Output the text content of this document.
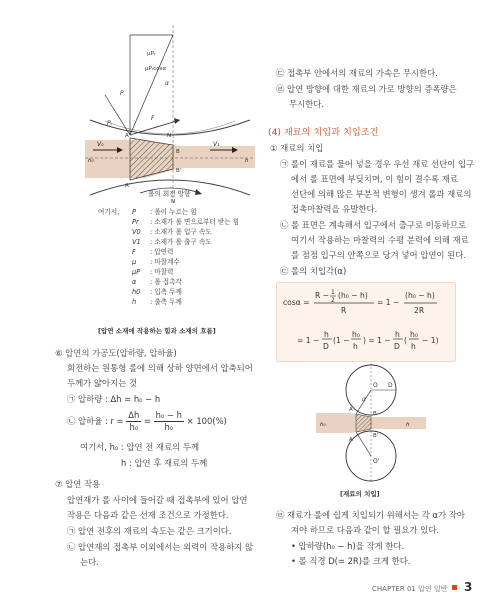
P
Pᵣ
F
α
μPᵣ
μPᵣcosα
N
A
B
A'
B'
N
V₀	V₁
h₀	h
롤의 회전 방향
여기서, P : 롤이 누르는 힘
Pr : 소재가 롤 면으로부터 받는 힘
V0 : 소재가 롤 입구 속도
V1 : 소재가 롤 출구 속도
F : 압연력
μ : 마찰계수
μP : 마찰력
α : 롤 접촉각
h0 : 입측 두께
h : 출측 두께
[압연 소재에 작용하는 힘과 소재의 흐름]
⑥ 압연의 가공도(압하량, 압하율)
회전하는 원통형 롤에 의해 상하 양면에서 압축되어
두께가 얇아지는 것
㉠ 압하량 : Δh = h₀ − h
㉡ 압하율 : $r = \frac{\Delta h}{\text{h₀}} = \frac{\text{h₀ − h}}{\text{h₀}} \times 100(\%)$
여기서, h₀ : 압연 전 재료의 두께
h : 압연 후 재료의 두께
⑦ 압연 작용
압연재가 롤 사이에 들어갈 때 접촉부에 있어 압연
작용은 다음과 같은 선재 조건으로 가정한다.
㉠ 압연 전후의 재료의 속도는 같은 크기이다.
㉡ 압연재의 접촉부 이외에서는 외력이 작용하지 않
는다.
㉢ 접촉부 안에서의 재료의 가속은 무시한다.
㉣ 압연 방향에 대한 재료의 가로 방향의 증폭량은
무시한다.
(4) 재료의 치입과 치입조건
① 재료의 치입
㉠ 롤이 재료를 물어 넣을 경우 우선 재료 선단이 입구
에서 롤 표면에 부딪치며, 이 힘이 결수록 재료
선단에 의해 많은 부분적 변형이 생겨 롤과 재료의
접촉마찰력을 유발한다.
㉡ 롤 표면은 계속해서 입구에서 출구로 이동하므로
여기서 작용하는 마찰력의 수평 분력에 의해 재료
를 점점 입구의 안쪽으로 당겨 넣어 압연이 된다.
㉢ 롤의 치입각(α)
cosα =
R − 1
2
(h₀ − h)
R
= 1 −
(h₀ − h)
2R
= 1 −
h
D
(1 −
h₀
h
) = 1 −
h
D
(
h₀
h
− 1)
O D
α
A
B
A'
B'
O'
h₀	h
[재료의 치입]
㉣ 재료가 롤에 쉽게 치입되기 위해서는 각 α가 작아
져야 하므로 다음과 같이 할 필요가 있다.
• 압하량(h₀ − h)을 작게 한다.
• 롤 직경 D(= 2R)를 크게 한다.
CHAPTER 01 압연 일반	3
